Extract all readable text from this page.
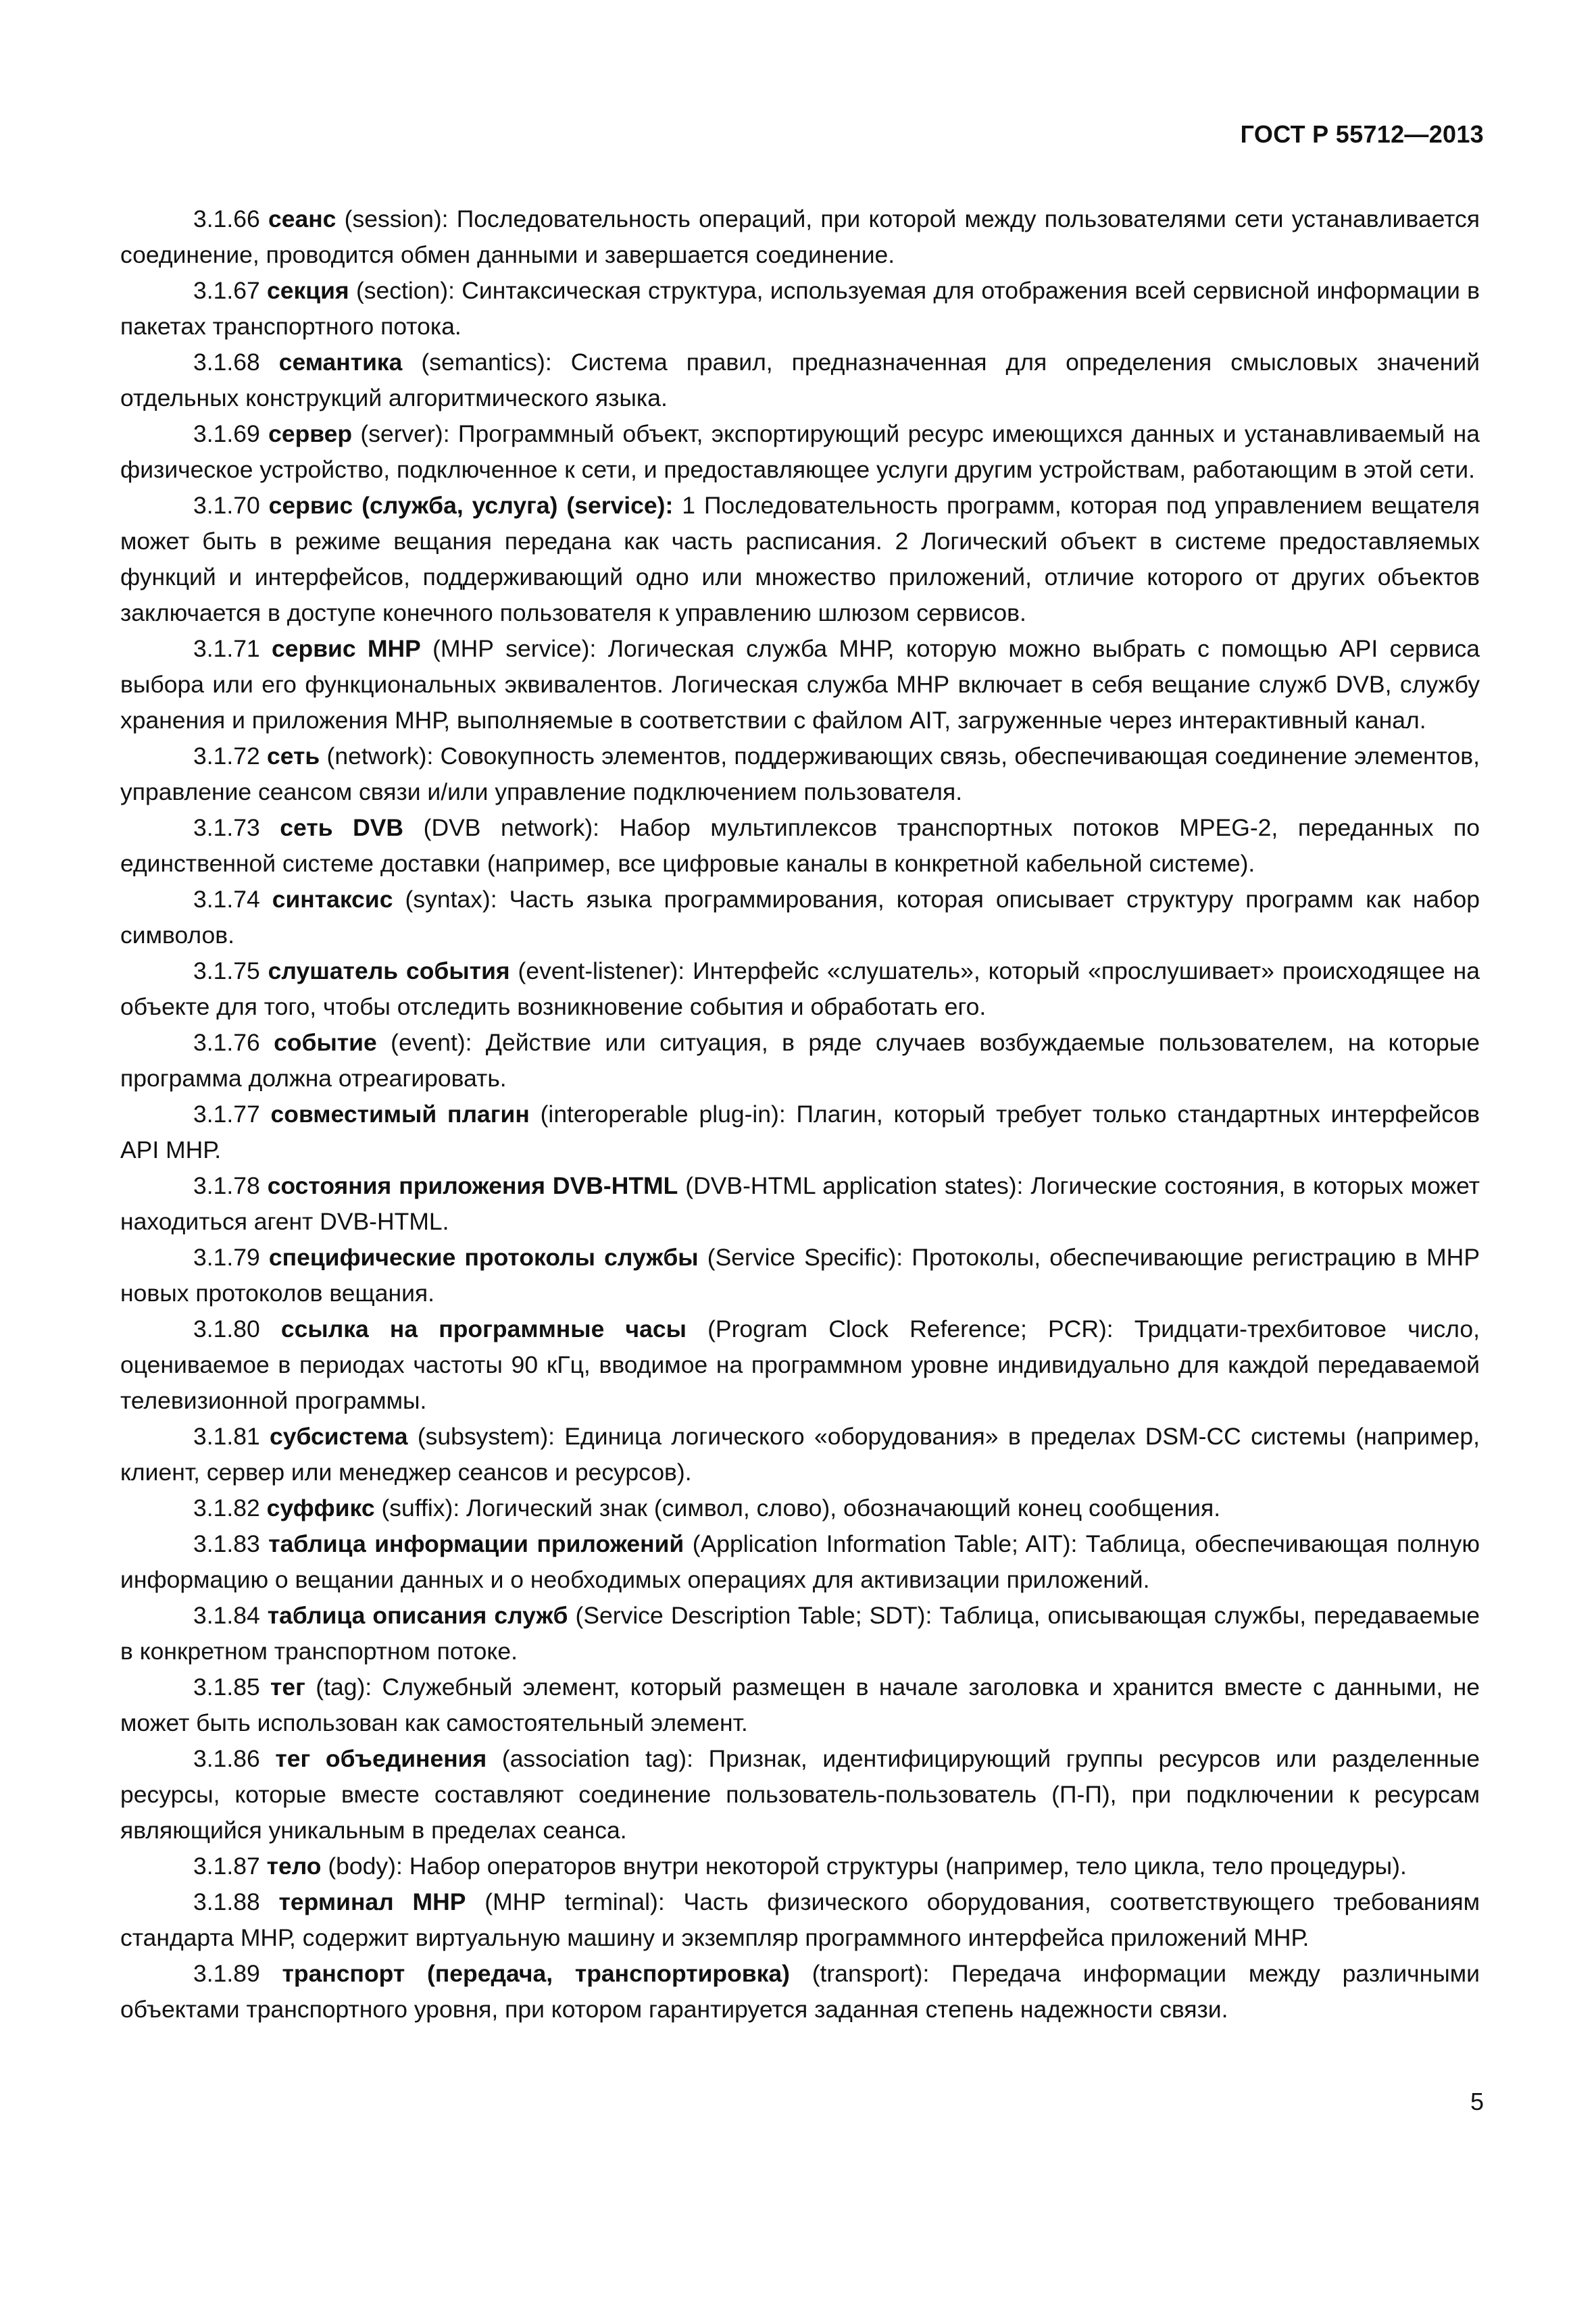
ГОСТ Р 55712—2013

3.1.66 сеанс (session): Последовательность операций, при которой между пользователями сети устанавливается соединение, проводится обмен данными и завершается соединение.

3.1.67 секция (section): Синтаксическая структура, используемая для отображения всей сервисной информации в пакетах транспортного потока.

3.1.68 семантика (semantics): Система правил, предназначенная для определения смысловых значений отдельных конструкций алгоритмического языка.

3.1.69 сервер (server): Программный объект, экспортирующий ресурс имеющихся данных и устанавливаемый на физическое устройство, подключенное к сети, и предоставляющее услуги другим устройствам, работающим в этой сети.

3.1.70 сервис (служба, услуга) (service): 1 Последовательность программ, которая под управлением вещателя может быть в режиме вещания передана как часть расписания. 2 Логический объект в системе предоставляемых функций и интерфейсов, поддерживающий одно или множество приложений, отличие которого от других объектов заключается в доступе конечного пользователя к управлению шлюзом сервисов.

3.1.71 сервис МНР (МНР service): Логическая служба МНР, которую можно выбрать с помощью API сервиса выбора или его функциональных эквивалентов. Логическая служба МНР включает в себя вещание служб DVB, службу хранения и приложения МНР, выполняемые в соответствии с файлом AIT, загруженные через интерактивный канал.

3.1.72 сеть (network): Совокупность элементов, поддерживающих связь, обеспечивающая соединение элементов, управление сеансом связи и/или управление подключением пользователя.

3.1.73 сеть DVB (DVB network): Набор мультиплексов транспортных потоков MPEG-2, переданных по единственной системе доставки (например, все цифровые каналы в конкретной кабельной системе).

3.1.74 синтаксис (syntax): Часть языка программирования, которая описывает структуру программ как набор символов.

3.1.75 слушатель события (event-listener): Интерфейс «слушатель», который «прослушивает» происходящее на объекте для того, чтобы отследить возникновение события и обработать его.

3.1.76 событие (event): Действие или ситуация, в ряде случаев возбуждаемые пользователем, на которые программа должна отреагировать.

3.1.77 совместимый плагин (interoperable plug-in): Плагин, который требует только стандартных интерфейсов API МНР.

3.1.78 состояния приложения DVB-HTML (DVB-HTML application states): Логические состояния, в которых может находиться агент DVB-HTML.

3.1.79 специфические протоколы службы (Service Specific): Протоколы, обеспечивающие регистрацию в МНР новых протоколов вещания.

3.1.80 ссылка на программные часы (Program Clock Reference; PCR): Тридцати-трехбитовое число, оцениваемое в периодах частоты 90 кГц, вводимое на программном уровне индивидуально для каждой передаваемой телевизионной программы.

3.1.81 субсистема (subsystem): Единица логического «оборудования» в пределах DSM-CC системы (например, клиент, сервер или менеджер сеансов и ресурсов).

3.1.82 суффикс (suffix): Логический знак (символ, слово), обозначающий конец сообщения.

3.1.83 таблица информации приложений (Application Information Table; AIT): Таблица, обеспечивающая полную информацию о вещании данных и о необходимых операциях для активизации приложений.

3.1.84 таблица описания служб (Service Description Table; SDT): Таблица, описывающая службы, передаваемые в конкретном транспортном потоке.

3.1.85 тег (tag): Служебный элемент, который размещен в начале заголовка и хранится вместе с данными, не может быть использован как самостоятельный элемент.

3.1.86 тег объединения (association tag): Признак, идентифицирующий группы ресурсов или разделенные ресурсы, которые вместе составляют соединение пользователь-пользователь (П-П), при подключении к ресурсам являющийся уникальным в пределах сеанса.

3.1.87 тело (body): Набор операторов внутри некоторой структуры (например, тело цикла, тело процедуры).

3.1.88 терминал МНР (МНР terminal): Часть физического оборудования, соответствующего требованиям стандарта МНР, содержит виртуальную машину и экземпляр программного интерфейса приложений МНР.

3.1.89 транспорт (передача, транспортировка) (transport): Передача информации между различными объектами транспортного уровня, при котором гарантируется заданная степень надежности связи.

5
